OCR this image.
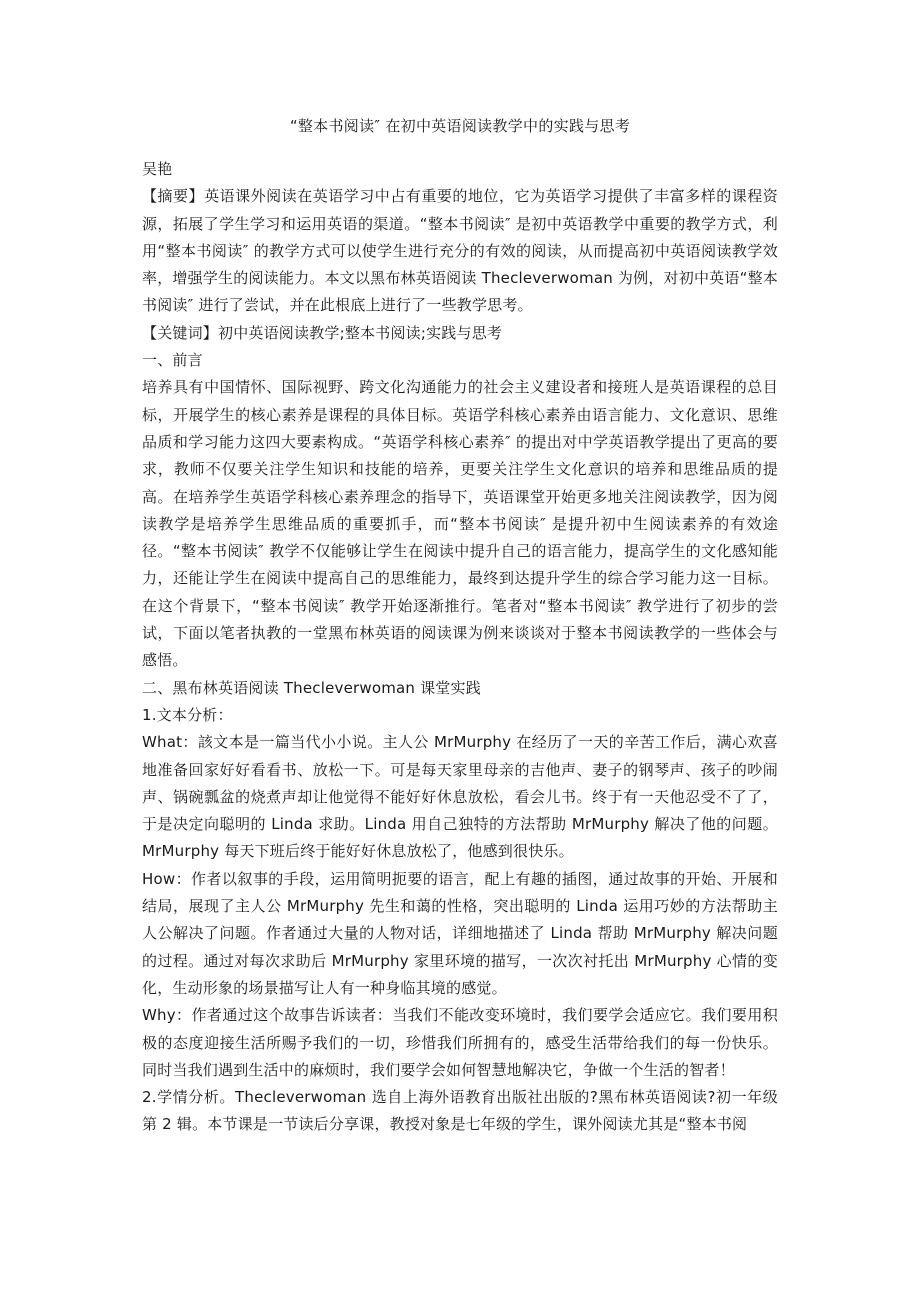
“整本书阅读″ 在初中英语阅读教学中的实践与思考

吴艳

【摘要】英语课外阅读在英语学习中占有重要的地位，它为英语学习提供了丰富多样的课程资源，拓展了学生学习和运用英语的渠道。“整本书阅读″ 是初中英语教学中重要的教学方式，利用“整本书阅读″ 的教学方式可以使学生进行充分的有效的阅读，从而提高初中英语阅读教学效率，增强学生的阅读能力。本文以黑布林英语阅读 Thecleverwoman 为例，对初中英语“整本书阅读″ 进行了尝试，并在此根底上进行了一些教学思考。

【关键词】初中英语阅读教学;整本书阅读;实践与思考

一、前言

培养具有中国情怀、国际视野、跨文化沟通能力的社会主义建设者和接班人是英语课程的总目标，开展学生的核心素养是课程的具体目标。英语学科核心素养由语言能力、文化意识、思维品质和学习能力这四大要素构成。“英语学科核心素养″ 的提出对中学英语教学提出了更高的要求，教师不仅要关注学生知识和技能的培养，更要关注学生文化意识的培养和思维品质的提高。在培养学生英语学科核心素养理念的指导下，英语课堂开始更多地关注阅读教学，因为阅读教学是培养学生思维品质的重要抓手，而“整本书阅读″ 是提升初中生阅读素养的有效途径。“整本书阅读″ 教学不仅能够让学生在阅读中提升自己的语言能力，提高学生的文化感知能力，还能让学生在阅读中提高自己的思维能力，最终到达提升学生的综合学习能力这一目标。在这个背景下，“整本书阅读″ 教学开始逐渐推行。笔者对“整本书阅读″ 教学进行了初步的尝试，下面以笔者执教的一堂黑布林英语的阅读课为例来谈谈对于整本书阅读教学的一些体会与感悟。

二、黑布林英语阅读 Thecleverwoman 课堂实践

1.文本分析：

What：該文本是一篇当代小小说。主人公 MrMurphy 在经历了一天的辛苦工作后，满心欢喜地准备回家好好看看书、放松一下。可是每天家里母亲的吉他声、妻子的钢琴声、孩子的吵闹声、锅碗瓢盆的烧煮声却让他觉得不能好好休息放松，看会儿书。终于有一天他忍受不了了，于是决定向聪明的 Linda 求助。Linda 用自己独特的方法帮助 MrMurphy 解决了他的问题。MrMurphy 每天下班后终于能好好休息放松了，他感到很快乐。

How：作者以叙事的手段，运用简明扼要的语言，配上有趣的插图，通过故事的开始、开展和结局，展现了主人公 MrMurphy 先生和蔼的性格，突出聪明的 Linda 运用巧妙的方法帮助主人公解决了问题。作者通过大量的人物对话，详细地描述了 Linda 帮助 MrMurphy 解决问题的过程。通过对每次求助后 MrMurphy 家里环境的描写，一次次衬托出 MrMurphy 心情的变化，生动形象的场景描写让人有一种身临其境的感觉。

Why：作者通过这个故事告诉读者：当我们不能改变环境时，我们要学会适应它。我们要用积极的态度迎接生活所赐予我们的一切，珍惜我们所拥有的，感受生活带给我们的每一份快乐。同时当我们遇到生活中的麻烦时，我们要学会如何智慧地解决它，争做一个生活的智者！

2.学情分析。Thecleverwoman 选自上海外语教育出版社出版的?黑布林英语阅读?初一年级第 2 辑。本节课是一节读后分享课，教授对象是七年级的学生，课外阅读尤其是“整本书阅
